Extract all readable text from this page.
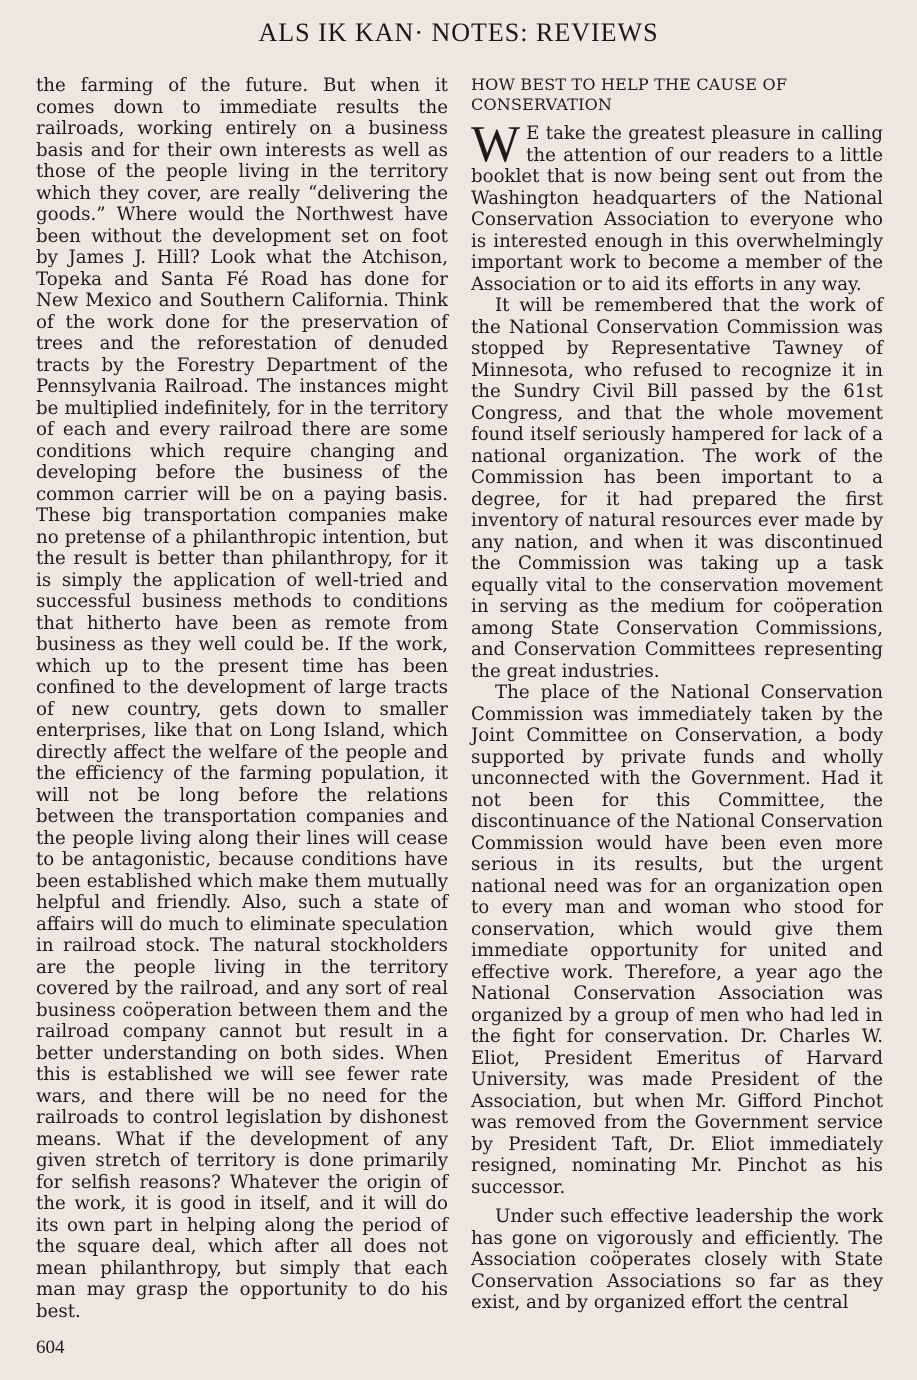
ALS IK KAN· NOTES: REVIEWS

the farming of the future. But when it comes down to immediate results the railroads, working entirely on a business basis and for their own interests as well as those of the people living in the territory which they cover, are really “delivering the goods.” Where would the Northwest have been without the development set on foot by James J. Hill? Look what the Atchison, Topeka and Santa Fé Road has done for New Mexico and Southern California. Think of the work done for the preservation of trees and the reforestation of denuded tracts by the Forestry Department of the Pennsylvania Railroad. The instances might be multiplied indefinitely, for in the territory of each and every railroad there are some conditions which require changing and developing before the business of the common carrier will be on a paying basis. These big transportation companies make no pretense of a philanthropic intention, but the result is better than philanthropy, for it is simply the application of well-tried and successful business methods to conditions that hitherto have been as remote from business as they well could be. If the work, which up to the present time has been confined to the development of large tracts of new country, gets down to smaller enterprises, like that on Long Island, which directly affect the welfare of the people and the efficiency of the farming population, it will not be long before the relations between the transportation companies and the people living along their lines will cease to be antagonistic, because conditions have been established which make them mutually helpful and friendly. Also, such a state of affairs will do much to eliminate speculation in railroad stock. The natural stockholders are the people living in the territory covered by the railroad, and any sort of real business coöperation between them and the railroad company cannot but result in a better understanding on both sides. When this is established we will see fewer rate wars, and there will be no need for the railroads to control legislation by dishonest means. What if the development of any given stretch of territory is done primarily for selfish reasons? Whatever the origin of the work, it is good in itself, and it will do its own part in helping along the period of the square deal, which after all does not mean philanthropy, but simply that each man may grasp the opportunity to do his best.

HOW BEST TO HELP THE CAUSE OF CONSERVATION

W E take the greatest pleasure in calling the attention of our readers to a little booklet that is now being sent out from the Washington headquarters of the National Conservation Association to everyone who is interested enough in this overwhelmingly important work to become a member of the Association or to aid its efforts in any way.

It will be remembered that the work of the National Conservation Commission was stopped by Representative Tawney of Minnesota, who refused to recognize it in the Sundry Civil Bill passed by the 61st Congress, and that the whole movement found itself seriously hampered for lack of a national organization. The work of the Commission has been important to a degree, for it had prepared the first inventory of natural resources ever made by any nation, and when it was discontinued the Commission was taking up a task equally vital to the conservation movement in serving as the medium for coöperation among State Conservation Commissions, and Conservation Committees representing the great industries.

The place of the National Conservation Commission was immediately taken by the Joint Committee on Conservation, a body supported by private funds and wholly unconnected with the Government. Had it not been for this Committee, the discontinuance of the National Conservation Commission would have been even more serious in its results, but the urgent national need was for an organization open to every man and woman who stood for conservation, which would give them immediate opportunity for united and effective work. Therefore, a year ago the National Conservation Association was organized by a group of men who had led in the fight for conservation. Dr. Charles W. Eliot, President Emeritus of Harvard University, was made President of the Association, but when Mr. Gifford Pinchot was removed from the Government service by President Taft, Dr. Eliot immediately resigned, nominating Mr. Pinchot as his successor.

Under such effective leadership the work has gone on vigorously and efficiently. The Association coöperates closely with State Conservation Associations so far as they exist, and by organized effort the central

604
